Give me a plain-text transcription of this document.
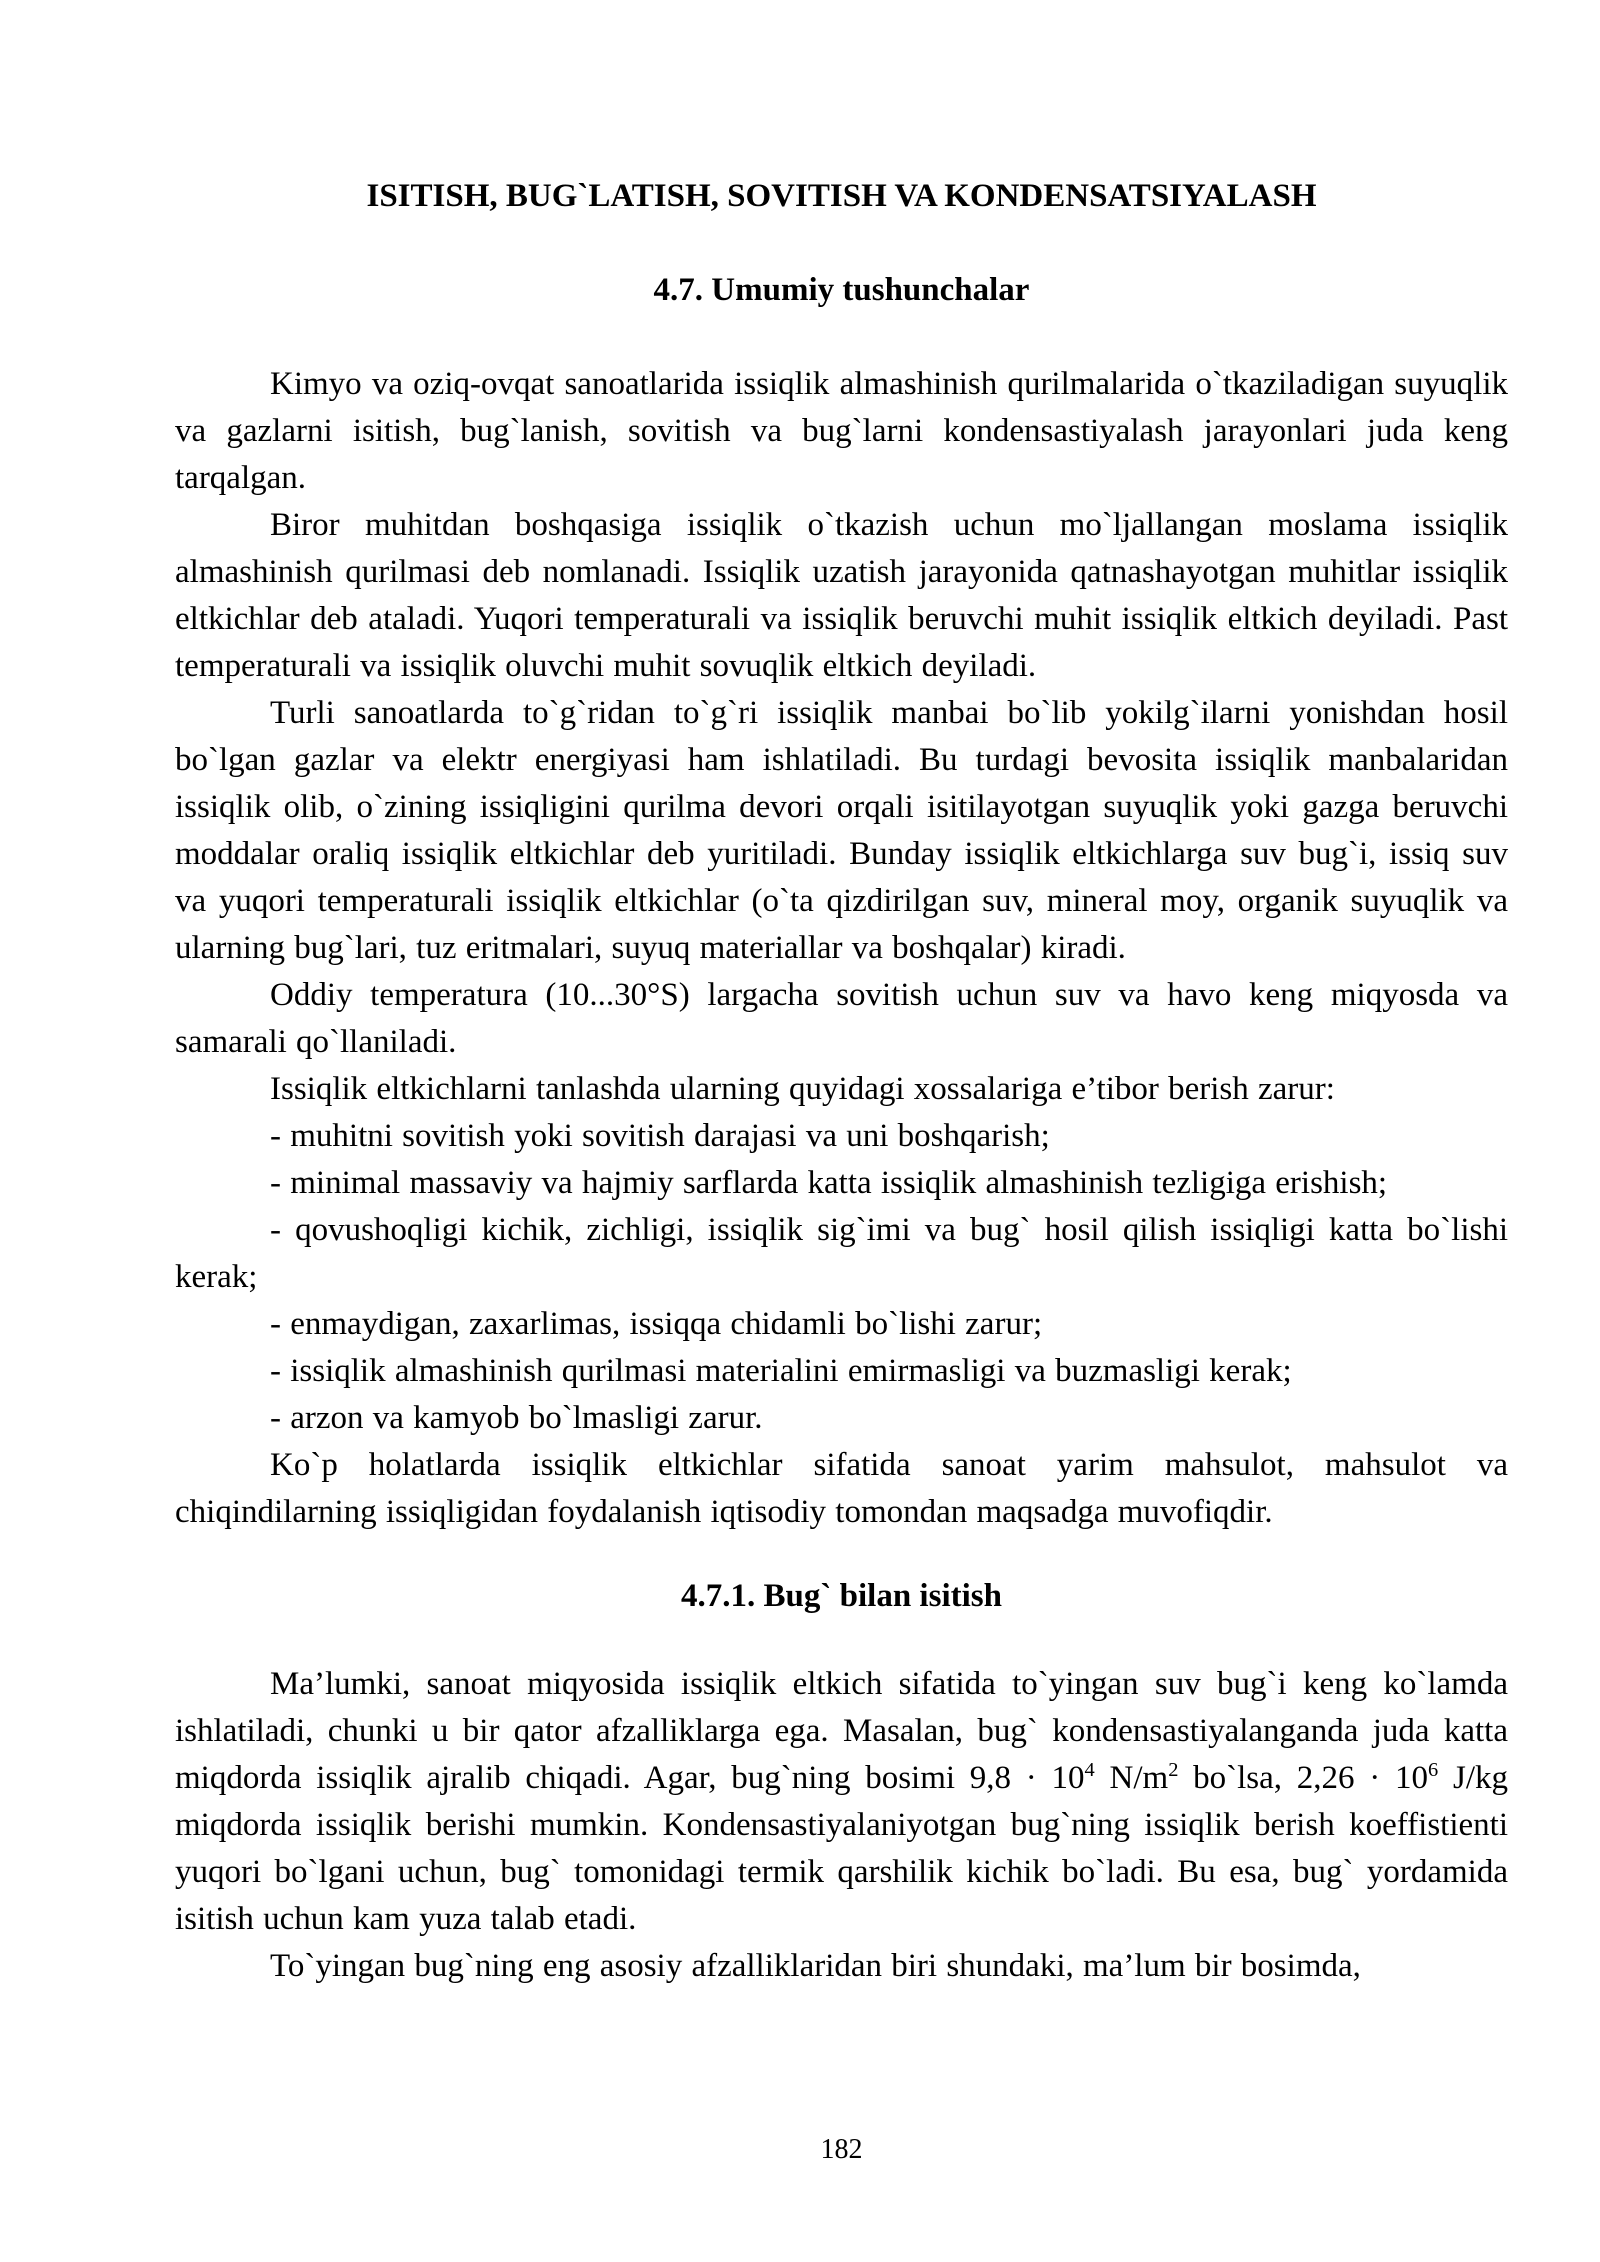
ISITISH, BUG`LATISH, SOVITISH VA KONDENSATSIYALASH
4.7. Umumiy tushunchalar

Kimyo va oziq-ovqat sanoatlarida issiqlik almashinish qurilmalarida o`tkaziladigan suyuqlik va gazlarni isitish, bug`lanish, sovitish va bug`larni kondensastiyalash jarayonlari juda keng tarqalgan.

Biror muhitdan boshqasiga issiqlik o`tkazish uchun mo`ljallangan moslama issiqlik almashinish qurilmasi deb nomlanadi. Issiqlik uzatish jarayonida qatnashayotgan muhitlar issiqlik eltkichlar deb ataladi. Yuqori temperaturali va issiqlik beruvchi muhit issiqlik eltkich deyiladi. Past temperaturali va issiqlik oluvchi muhit sovuqlik eltkich deyiladi.

Turli sanoatlarda to`g`ridan to`g`ri issiqlik manbai bo`lib yokilg`ilarni yonishdan hosil bo`lgan gazlar va elektr energiyasi ham ishlatiladi. Bu turdagi bevosita issiqlik manbalaridan issiqlik olib, o`zining issiqligini qurilma devori orqali isitilayotgan suyuqlik yoki gazga beruvchi moddalar oraliq issiqlik eltkichlar deb yuritiladi. Bunday issiqlik eltkichlarga suv bug`i, issiq suv va yuqori temperaturali issiqlik eltkichlar (o`ta qizdirilgan suv, mineral moy, organik suyuqlik va ularning bug`lari, tuz eritmalari, suyuq materiallar va boshqalar) kiradi.

Oddiy temperatura (10...30°S) largacha sovitish uchun suv va havo keng miqyosda va samarali qo`llaniladi.

Issiqlik eltkichlarni tanlashda ularning quyidagi xossalariga e’tibor berish zarur:

- muhitni sovitish yoki sovitish darajasi va uni boshqarish;

- minimal massaviy va hajmiy sarflarda katta issiqlik almashinish tezligiga erishish;

- qovushoqligi kichik, zichligi, issiqlik sig`imi va bug` hosil qilish issiqligi katta bo`lishi kerak;

- enmaydigan, zaxarlimas, issiqqa chidamli bo`lishi zarur;

- issiqlik almashinish qurilmasi materialini emirmasligi va buzmasligi kerak;

- arzon va kamyob bo`lmasligi zarur.

Ko`p holatlarda issiqlik eltkichlar sifatida sanoat yarim mahsulot, mahsulot va chiqindilarning issiqligidan foydalanish iqtisodiy tomondan maqsadga muvofiqdir.

4.7.1. Bug` bilan isitish

Ma’lumki, sanoat miqyosida issiqlik eltkich sifatida to`yingan suv bug`i keng ko`lamda ishlatiladi, chunki u bir qator afzalliklarga ega. Masalan, bug` kondensastiyalanganda juda katta miqdorda issiqlik ajralib chiqadi. Agar, bug`ning bosimi $9,8 \cdot 10^4$ $N/m^2$ bo`lsa, $2,26 \cdot 10^6$ J/kg miqdorda issiqlik berishi mumkin. Kondensastiyalaniyotgan bug`ning issiqlik berish koeffistienti yuqori bo`lgani uchun, bug` tomonidagi termik qarshilik kichik bo`ladi. Bu esa, bug` yordamida isitish uchun kam yuza talab etadi.

To`yingan bug`ning eng asosiy afzalliklaridan biri shundaki, ma’lum bir bosimda,

182
